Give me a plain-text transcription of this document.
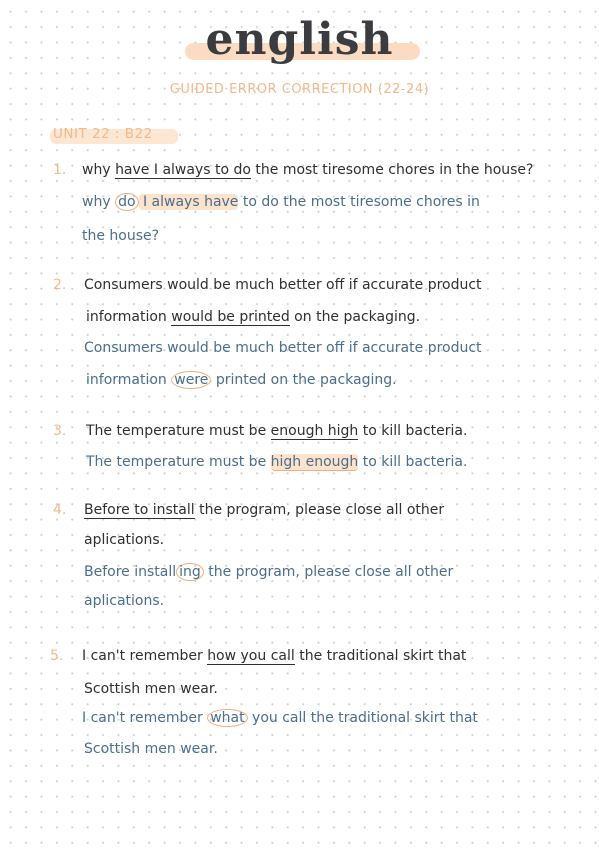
english
GUIDED ERROR CORRECTION (22-24)
UNIT 22 : B22
1. why have I always to do the most tiresome chores in the house?
why do I always have to do the most tiresome chores in
the house?
2. Consumers would be much better off if accurate product
information would be printed on the packaging.
Consumers would be much better off if accurate product
information were printed on the packaging.
3. The temperature must be enough high to kill bacteria.
The temperature must be high enough to kill bacteria.
4. Before to install the program, please close all other
aplications.
Before install ing the program, please close all other
aplications.
5. I can't remember how you call the traditional skirt that
Scottish men wear.
I can't remember what you call the traditional skirt that
Scottish men wear.
